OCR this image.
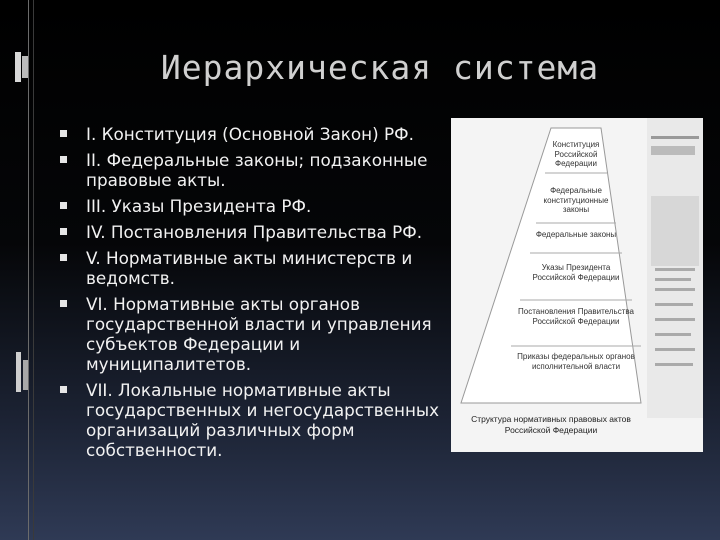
Иерархическая система
I. Конституция (Основной Закон) РФ.
II. Федеральные законы; подзаконные правовые акты.
III. Указы Президента РФ.
IV. Постановления Правительства РФ.
V. Нормативные акты министерств и ведомств.
VI. Нормативные акты органов государственной власти и управления субъектов Федерации и муниципалитетов.
VII. Локальные нормативные акты государственных и негосударственных организаций различных форм собственности.
Конституция Российской Федерации
Федеральные конституционные законы
Федеральные законы
Указы Президента Российской Федерации
Постановления Правительства Российской Федерации
Приказы федеральных органов исполнительной власти
Структура нормативных правовых актов Российской Федерации
